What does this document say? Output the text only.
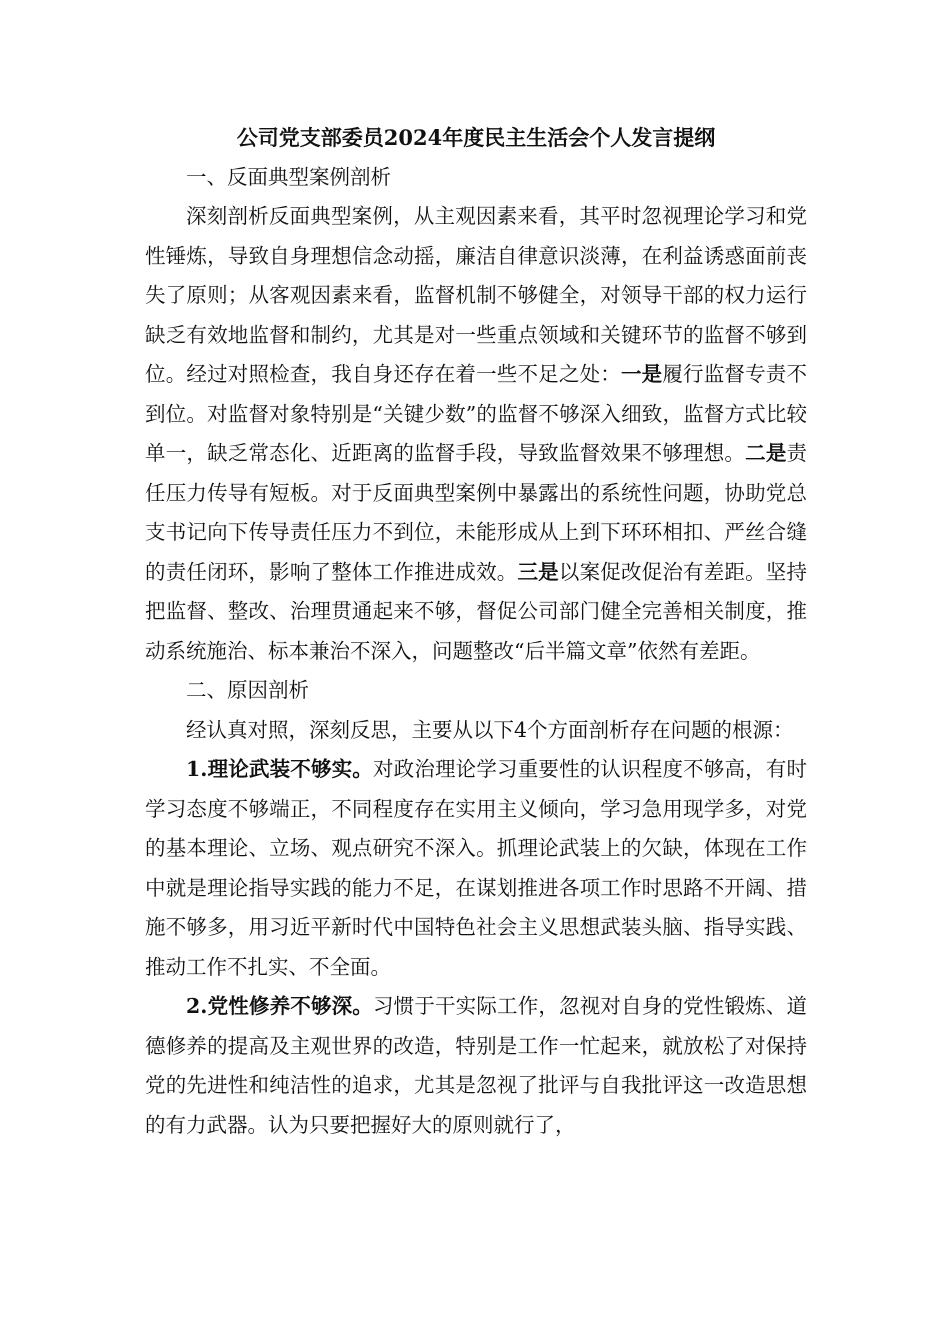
公司党支部委员2024年度民主生活会个人发言提纲

一、反面典型案例剖析

深刻剖析反面典型案例，从主观因素来看，其平时忽视理论学习和党性锤炼，导致自身理想信念动摇，廉洁自律意识淡薄，在利益诱惑面前丧失了原则；从客观因素来看，监督机制不够健全，对领导干部的权力运行缺乏有效地监督和制约，尤其是对一些重点领域和关键环节的监督不够到位。经过对照检查，我自身还存在着一些不足之处：一是履行监督专责不到位。对监督对象特别是“关键少数”的监督不够深入细致，监督方式比较单一，缺乏常态化、近距离的监督手段，导致监督效果不够理想。二是责任压力传导有短板。对于反面典型案例中暴露出的系统性问题，协助党总支书记向下传导责任压力不到位，未能形成从上到下环环相扣、严丝合缝的责任闭环，影响了整体工作推进成效。三是以案促改促治有差距。坚持把监督、整改、治理贯通起来不够，督促公司部门健全完善相关制度，推动系统施治、标本兼治不深入，问题整改“后半篇文章”依然有差距。

二、原因剖析

经认真对照，深刻反思，主要从以下4个方面剖析存在问题的根源：

1.理论武装不够实。对政治理论学习重要性的认识程度不够高，有时学习态度不够端正，不同程度存在实用主义倾向，学习急用现学多，对党的基本理论、立场、观点研究不深入。抓理论武装上的欠缺，体现在工作中就是理论指导实践的能力不足，在谋划推进各项工作时思路不开阔、措施不够多，用习近平新时代中国特色社会主义思想武装头脑、指导实践、推动工作不扎实、不全面。

2.党性修养不够深。习惯于干实际工作，忽视对自身的党性锻炼、道德修养的提高及主观世界的改造，特别是工作一忙起来，就放松了对保持党的先进性和纯洁性的追求，尤其是忽视了批评与自我批评这一改造思想的有力武器。认为只要把握好大的原则就行了，
